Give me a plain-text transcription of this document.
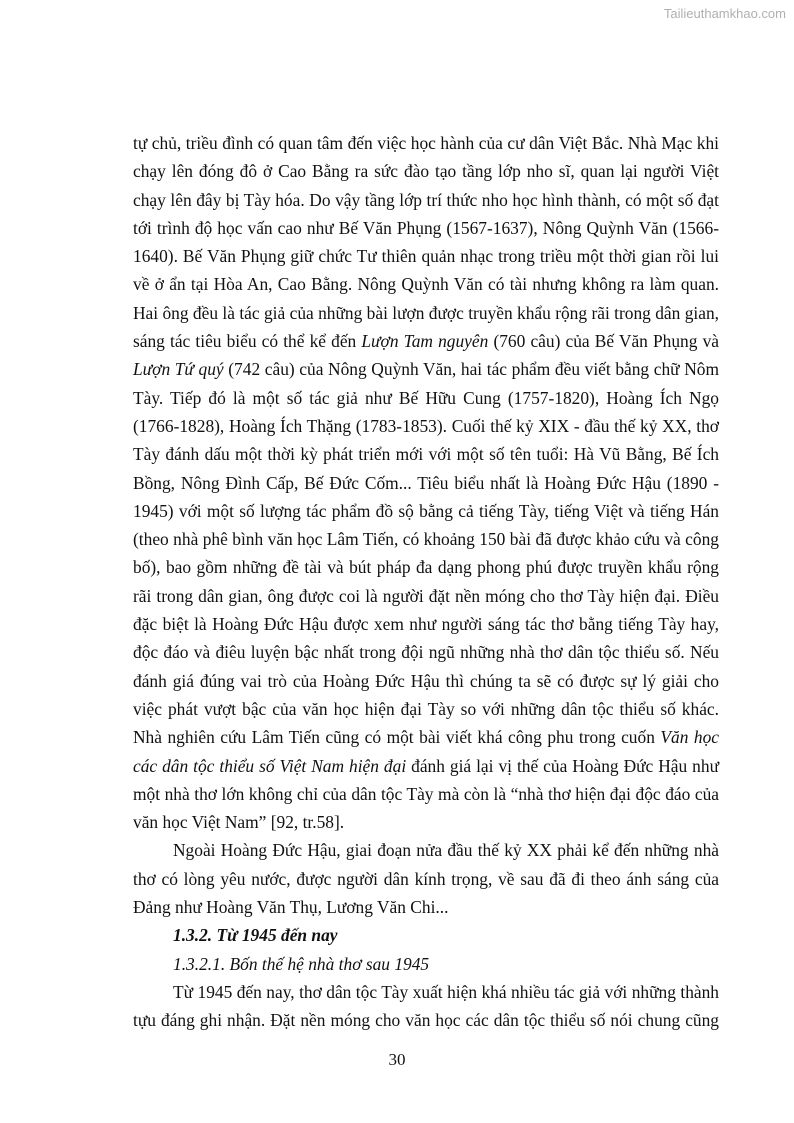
Tailieuthamkhao.com
tự chủ, triều đình có quan tâm đến việc học hành của cư dân Việt Bắc. Nhà Mạc khi
chạy lên đóng đô ở Cao Bằng ra sức đào tạo tầng lớp nho sĩ, quan lại người Việt
chạy lên đây bị Tày hóa. Do vậy tầng lớp trí thức nho học hình thành, có một số đạt
tới trình độ học vấn cao như Bế Văn Phụng (1567-1637), Nông Quỳnh Văn (1566-
1640). Bế Văn Phụng giữ chức Tư thiên quản nhạc trong triều một thời gian rồi lui
về ở ẩn tại Hòa An, Cao Bằng. Nông Quỳnh Văn có tài nhưng không ra làm quan.
Hai ông đều là tác giả của những bài lượn được truyền khẩu rộng rãi trong dân gian,
sáng tác tiêu biểu có thể kể đến Lượn Tam nguyên (760 câu) của Bế Văn Phụng và
Lượn Tứ quý (742 câu) của Nông Quỳnh Văn, hai tác phẩm đều viết bằng chữ Nôm
Tày. Tiếp đó là một số tác giả như Bế Hữu Cung (1757-1820), Hoàng Ích Ngọ
(1766-1828), Hoàng Ích Thặng (1783-1853). Cuối thế kỷ XIX - đầu thế kỷ XX, thơ
Tày đánh dấu một thời kỳ phát triển mới với một số tên tuổi: Hà Vũ Bằng, Bế Ích
Bồng, Nông Đình Cấp, Bế Đức Cốm... Tiêu biểu nhất là Hoàng Đức Hậu (1890 -
1945) với một số lượng tác phẩm đồ sộ bằng cả tiếng Tày, tiếng Việt và tiếng Hán
(theo nhà phê bình văn học Lâm Tiến, có khoảng 150 bài đã được khảo cứu và công
bố), bao gồm những đề tài và bút pháp đa dạng phong phú được truyền khẩu rộng
rãi trong dân gian, ông được coi là người đặt nền móng cho thơ Tày hiện đại. Điều
đặc biệt là Hoàng Đức Hậu được xem như người sáng tác thơ bằng tiếng Tày hay,
độc đáo và điêu luyện bậc nhất trong đội ngũ những nhà thơ dân tộc thiểu số. Nếu
đánh giá đúng vai trò của Hoàng Đức Hậu thì chúng ta sẽ có được sự lý giải cho
việc phát vượt bậc của văn học hiện đại Tày so với những dân tộc thiểu số khác.
Nhà nghiên cứu Lâm Tiến cũng có một bài viết khá công phu trong cuốn Văn học
các dân tộc thiểu số Việt Nam hiện đại đánh giá lại vị thế của Hoàng Đức Hậu như
một nhà thơ lớn không chỉ của dân tộc Tày mà còn là “nhà thơ hiện đại độc đáo của
văn học Việt Nam” [92, tr.58].
Ngoài Hoàng Đức Hậu, giai đoạn nửa đầu thế kỷ XX phải kể đến những nhà
thơ có lòng yêu nước, được người dân kính trọng, về sau đã đi theo ánh sáng của
Đảng như Hoàng Văn Thụ, Lương Văn Chi...
1.3.2. Từ 1945 đến nay
1.3.2.1. Bốn thế hệ nhà thơ sau 1945
Từ 1945 đến nay, thơ dân tộc Tày xuất hiện khá nhiều tác giả với những thành
tựu đáng ghi nhận. Đặt nền móng cho văn học các dân tộc thiểu số nói chung cũng
30
